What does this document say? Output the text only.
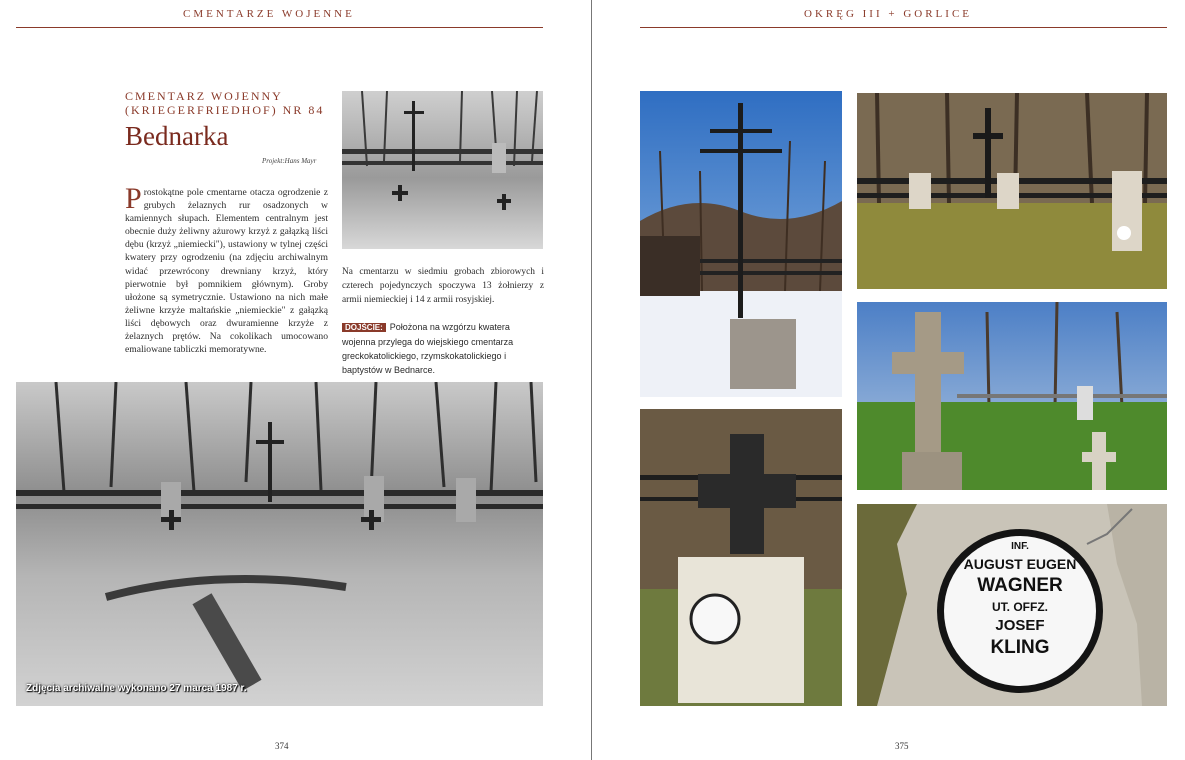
CMENTARZE WOJENNE	OKRĘG III + GORLICE
CMENTARZ WOJENNY
(KRIEGERFRIEDHOF) NR 84
Bednarka
Projekt:Hans Mayr
Prostokątne pole cmentarne otacza ogrodzenie z grubych żelaznych rur osadzonych w kamiennych słupach. Elementem centralnym jest obecnie duży żeliwny ażurowy krzyż z gałązką liści dębu (krzyż „niemiecki"), ustawiony w tylnej części kwatery przy ogrodzeniu (na zdjęciu archiwalnym widać przewrócony drewniany krzyż, który pierwotnie był pomnikiem głównym). Groby ułożone są symetrycznie. Ustawiono na nich małe żeliwne krzyże maltańskie „niemieckie" z gałązką liści dębowych oraz dwuramienne krzyże z żelaznych prętów. Na cokolikach umocowano emaliowane tabliczki memoratywne.
Na cmentarzu w siedmiu grobach zbiorowych i czterech pojedynczych spoczywa 13 żołnierzy z armii niemieckiej i 14 z armii rosyjskiej.
DOJŚCIE: Położona na wzgórzu kwatera wojenna przylega do wiejskiego cmentarza greckokatolickiego, rzymskokatolickiego i baptystów w Bednarce.
Zdjęcia archiwalne wykonano 27 marca 1987 r.
INF.
AUGUST EUGEN
WAGNER
UT. OFFZ.
JOSEF
KLING
374	375
